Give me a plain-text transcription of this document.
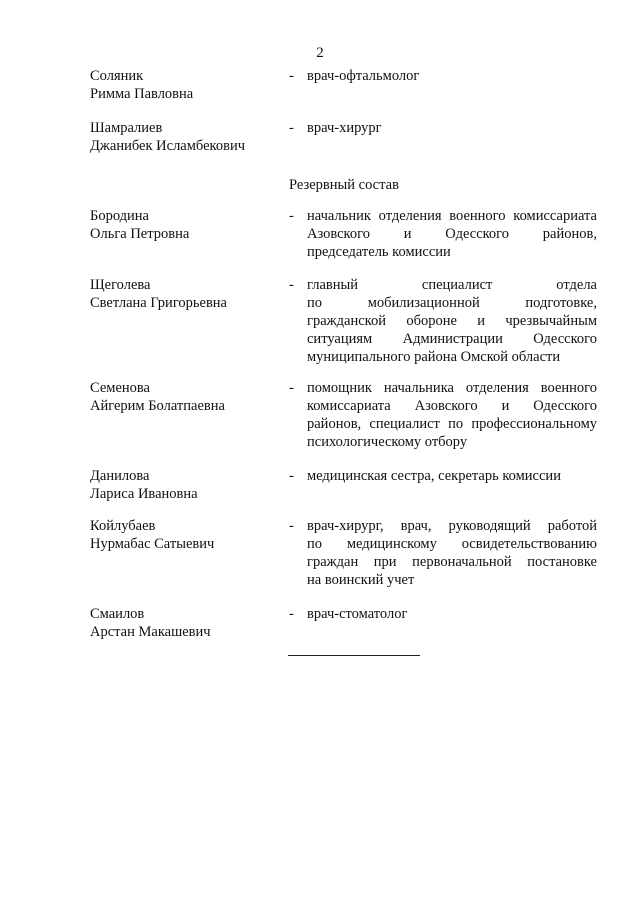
2
Соляник
Римма Павловна
- врач-офтальмолог
Шамралиев
Джанибек Исламбекович
- врач-хирург
Резервный состав
Бородина
Ольга Петровна
- начальник отделения военного комиссариата
Азовского и Одесского районов,
председатель комиссии
Щеголева
Светлана Григорьевна
- главный специалист отдела
по мобилизационной подготовке,
гражданской обороне и чрезвычайным
ситуациям Администрации Одесского
муниципального района Омской области
Семенова
Айгерим Болатпаевна
- помощник начальника отделения военного
комиссариата Азовского и Одесского
районов, специалист по профессиональному
психологическому отбору
Данилова
Лариса Ивановна
- медицинская сестра, секретарь комиссии
Койлубаев
Нурмабас Сатыевич
- врач-хирург, врач, руководящий работой
по медицинскому освидетельствованию
граждан при первоначальной постановке
на воинский учет
Смаилов
Арстан Макашевич
- врач-стоматолог
